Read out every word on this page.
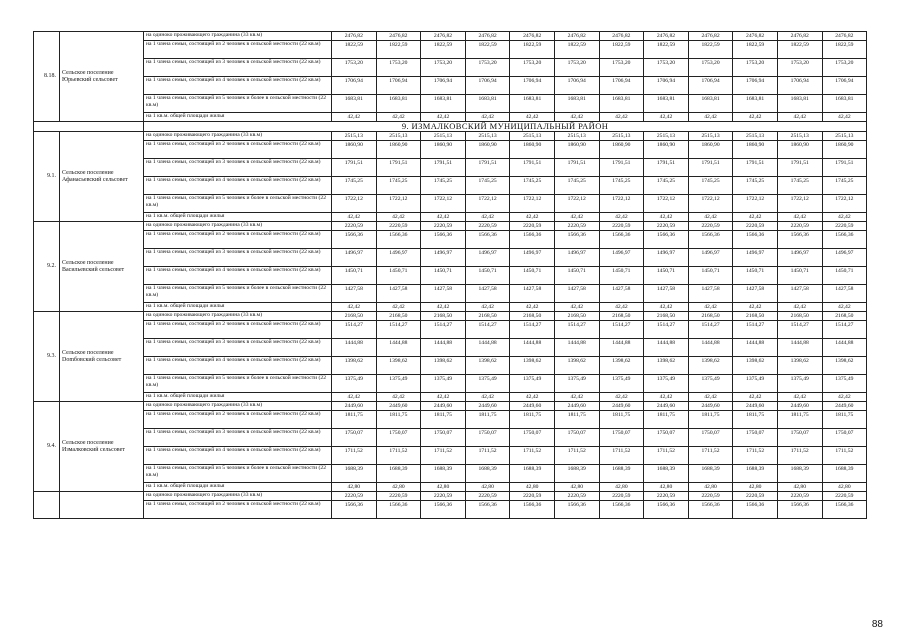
8.18.	Сельское поселение Юрьевский сельсовет	на одиноко проживающего гражданина (33 кв.м)	2476,82	2476,82	2476,82	2476,82	2476,82	2476,82	2476,82	2476,82	2476,82	2476,82	2476,82	2476,82
		на 1 члена семьи, состоящей из 2 человек в сельской местности (22 кв.м)	1822,59	1822,59	1822,59	1822,59	1822,59	1822,59	1822,59	1822,59	1822,59	1822,59	1822,59	1822,59
		на 1 члена семьи, состоящей из 3 человек в сельской местности (22 кв.м)	1753,20	1753,20	1753,20	1753,20	1753,20	1753,20	1753,20	1753,20	1753,20	1753,20	1753,20	1753,20
		на 1 члена семьи, состоящей из 4 человек в сельской местности (22 кв.м)	1706,94	1706,94	1706,94	1706,94	1706,94	1706,94	1706,94	1706,94	1706,94	1706,94	1706,94	1706,94
		на 1 члена семьи, состоящей из 5 человек и более в сельской местности (22 кв.м)	1683,81	1683,81	1683,81	1683,81	1683,81	1683,81	1683,81	1683,81	1683,81	1683,81	1683,81	1683,81
		на 1 кв.м. общей площади жилья	42,42	42,42	42,42	42,42	42,42	42,42	42,42	42,42	42,42	42,42	42,42	42,42
		9. ИЗМАЛКОВСКИЙ МУНИЦИПАЛЬНЫЙ РАЙОН												
9.1.	Сельское поселение Афанасьевский сельсовет	на одиноко проживающего гражданина (33 кв.м)	2515,13	2515,13	2515,13	2515,13	2515,13	2515,13	2515,13	2515,13	2515,13	2515,13	2515,13	2515,13
		на 1 члена семьи, состоящей из 2 человек в сельской местности (22 кв.м)	1860,90	1860,90	1860,90	1860,90	1860,90	1860,90	1860,90	1860,90	1860,90	1860,90	1860,90	1860,90
		на 1 члена семьи, состоящей из 3 человек в сельской местности (22 кв.м)	1791,51	1791,51	1791,51	1791,51	1791,51	1791,51	1791,51	1791,51	1791,51	1791,51	1791,51	1791,51
		на 1 члена семьи, состоящей из 4 человек в сельской местности (22 кв.м)	1745,25	1745,25	1745,25	1745,25	1745,25	1745,25	1745,25	1745,25	1745,25	1745,25	1745,25	1745,25
		на 1 члена семьи, состоящей из 5 человек и более в сельской местности (22 кв.м)	1722,12	1722,12	1722,12	1722,12	1722,12	1722,12	1722,12	1722,12	1722,12	1722,12	1722,12	1722,12
		на 1 кв.м. общей площади жилья	42,42	42,42	42,42	42,42	42,42	42,42	42,42	42,42	42,42	42,42	42,42	42,42
9.2.	Сельское поселение Васильевский сельсовет	на одиноко проживающего гражданина (33 кв.м)	2220,59	2220,59	2220,59	2220,59	2220,59	2220,59	2220,59	2220,59	2220,59	2220,59	2220,59	2220,59
		на 1 члена семьи, состоящей из 2 человек в сельской местности (22 кв.м)	1566,36	1566,36	1566,36	1566,36	1566,36	1566,36	1566,36	1566,36	1566,36	1566,36	1566,36	1566,36
		на 1 члена семьи, состоящей из 3 человек в сельской местности (22 кв.м)	1496,97	1496,97	1496,97	1496,97	1496,97	1496,97	1496,97	1496,97	1496,97	1496,97	1496,97	1496,97
		на 1 члена семьи, состоящей из 4 человек в сельской местности (22 кв.м)	1450,71	1450,71	1450,71	1450,71	1450,71	1450,71	1450,71	1450,71	1450,71	1450,71	1450,71	1450,71
		на 1 члена семьи, состоящей из 5 человек и более в сельской местности (22 кв.м)	1427,58	1427,58	1427,58	1427,58	1427,58	1427,58	1427,58	1427,58	1427,58	1427,58	1427,58	1427,58
		на 1 кв.м. общей площади жилья	42,42	42,42	42,42	42,42	42,42	42,42	42,42	42,42	42,42	42,42	42,42	42,42
9.3.	Сельское поселение Domбовский сельсовет	на одиноко проживающего гражданина (33 кв.м)	2168,50	2168,50	2168,50	2168,50	2168,50	2168,50	2168,50	2168,50	2168,50	2168,50	2168,50	2168,50
		на 1 члена семьи, состоящей из 2 человек в сельской местности (22 кв.м)	1514,27	1514,27	1514,27	1514,27	1514,27	1514,27	1514,27	1514,27	1514,27	1514,27	1514,27	1514,27
		на 1 члена семьи, состоящей из 3 человек в сельской местности (22 кв.м)	1444,88	1444,88	1444,88	1444,88	1444,88	1444,88	1444,88	1444,88	1444,88	1444,88	1444,88	1444,88
		на 1 члена семьи, состоящей из 4 человек в сельской местности (22 кв.м)	1398,62	1398,62	1398,62	1398,62	1398,62	1398,62	1398,62	1398,62	1398,62	1398,62	1398,62	1398,62
		на 1 члена семьи, состоящей из 5 человек и более в сельской местности (22 кв.м)	1375,49	1375,49	1375,49	1375,49	1375,49	1375,49	1375,49	1375,49	1375,49	1375,49	1375,49	1375,49
		на 1 кв.м. общей площади жилья	42,42	42,42	42,42	42,42	42,42	42,42	42,42	42,42	42,42	42,42	42,42	42,42
9.4.	Сельское поселение Измалковский сельсовет	на одиноко проживающего гражданина (33 кв.м)	2449,60	2449,60	2449,60	2449,60	2449,60	2449,60	2449,60	2449,60	2449,60	2449,60	2449,60	2449,60
		на 1 члена семьи, состоящей из 2 человек в сельской местности (22 кв.м)	1811,75	1811,75	1811,75	1811,75	1811,75	1811,75	1811,75	1811,75	1811,75	1811,75	1811,75	1811,75
		на 1 члена семьи, состоящей из 3 человек в сельской местности (22 кв.м)	1750,07	1750,07	1750,07	1750,07	1750,07	1750,07	1750,07	1750,07	1750,07	1750,07	1750,07	1750,07
		на 1 члена семьи, состоящей из 4 человек в сельской местности (22 кв.м)	1711,52	1711,52	1711,52	1711,52	1711,52	1711,52	1711,52	1711,52	1711,52	1711,52	1711,52	1711,52
		на 1 члена семьи, состоящей из 5 человек и более в сельской местности (22 кв.м)	1688,39	1688,39	1688,39	1688,39	1688,39	1688,39	1688,39	1688,39	1688,39	1688,39	1688,39	1688,39
		на 1 кв.м. общей площади жилья	42,80	42,80	42,80	42,80	42,80	42,80	42,80	42,80	42,80	42,80	42,80	42,80
		на одиноко проживающего гражданина (33 кв.м)	2220,59	2220,59	2220,59	2220,59	2220,59	2220,59	2220,59	2220,59	2220,59	2220,59	2220,59	2220,59
		на 1 члена семьи, состоящей из 2 человек в сельской местности (22 кв.м)	1566,36	1566,36	1566,36	1566,36	1566,36	1566,36	1566,36	1566,36	1566,36	1566,36	1566,36	1566,36
88
